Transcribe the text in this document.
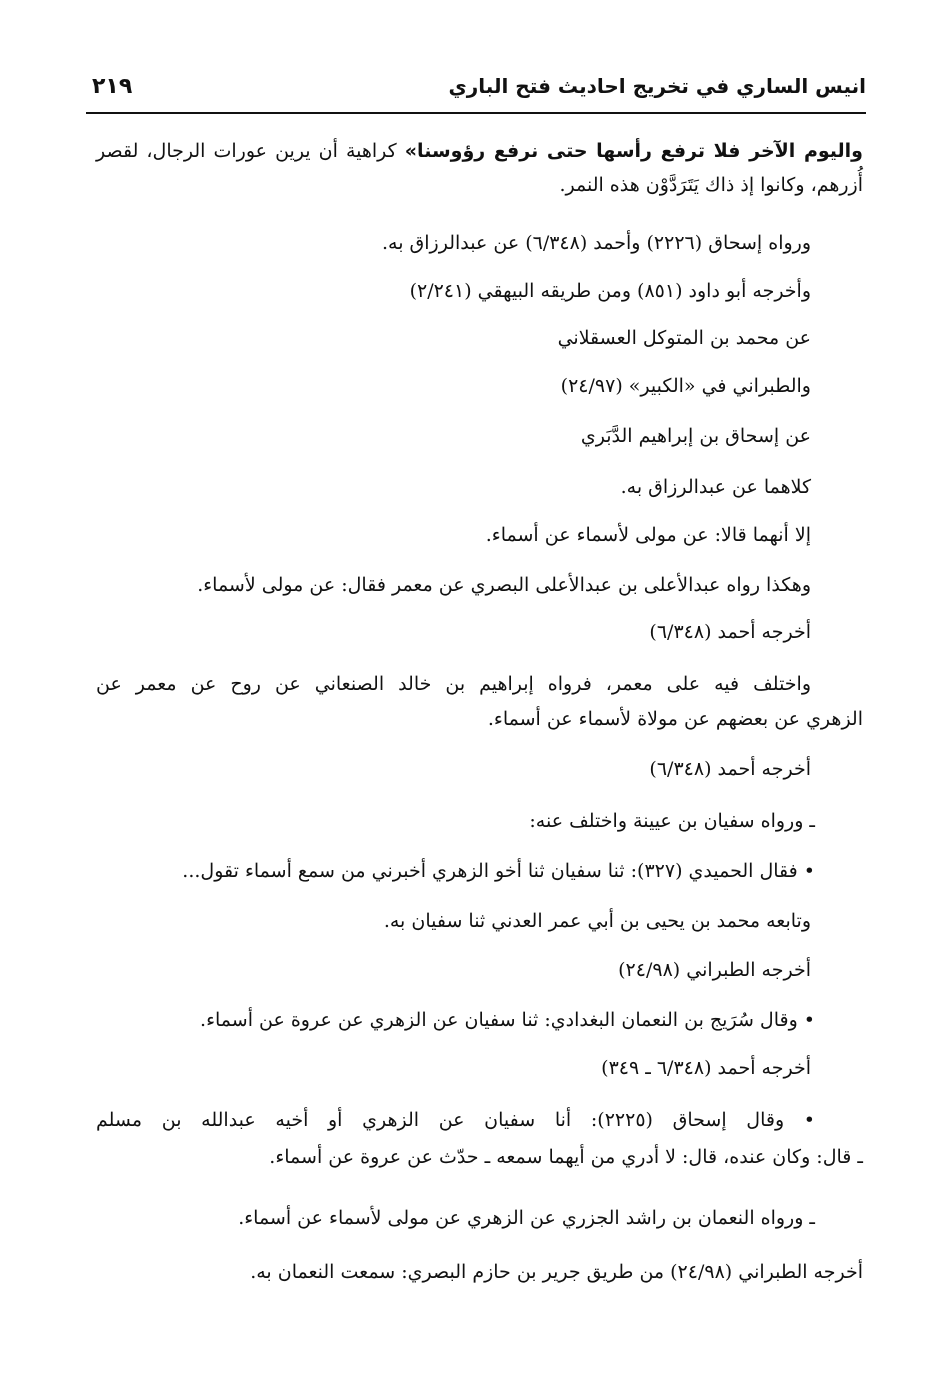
انيس الساري في تخريج احاديث فتح الباري
٢١٩
واليوم الآخر فلا ترفع رأسها حتى نرفع رؤوسنا» كراهية أن يرين عورات الرجال، لقصر
أُزرهم، وكانوا إذ ذاك يَتَرَدَّوْن هذه النمر.
ورواه إسحاق (٢٢٢٦) وأحمد (٦/٣٤٨) عن عبدالرزاق به.
وأخرجه أبو داود (٨٥١) ومن طريقه البيهقي (٢/٢٤١)
عن محمد بن المتوكل العسقلاني
والطبراني في «الكبير» (٢٤/٩٧)
عن إسحاق بن إبراهيم الدَّبَري
كلاهما عن عبدالرزاق به.
إلا أنهما قالا: عن مولى لأسماء عن أسماء.
وهكذا رواه عبدالأعلى بن عبدالأعلى البصري عن معمر فقال: عن مولى لأسماء.
أخرجه أحمد (٦/٣٤٨)
واختلف فيه على معمر، فرواه إبراهيم بن خالد الصنعاني عن روح عن معمر عن
الزهري عن بعضهم عن مولاة لأسماء عن أسماء.
أخرجه أحمد (٦/٣٤٨)
ـ ورواه سفيان بن عيينة واختلف عنه:
• فقال الحميدي (٣٢٧): ثنا سفيان ثنا أخو الزهري أخبرني من سمع أسماء تقول...
وتابعه محمد بن يحيى بن أبي عمر العدني ثنا سفيان به.
أخرجه الطبراني (٢٤/٩٨)
• وقال سُرَيج بن النعمان البغدادي: ثنا سفيان عن الزهري عن عروة عن أسماء.
أخرجه أحمد (٦/٣٤٨ ـ ٣٤٩)
• وقال إسحاق (٢٢٢٥): أنا سفيان عن الزهري أو أخيه عبدالله بن مسلم
ـ قال: وكان عنده، قال: لا أدري من أيهما سمعه ـ حدّث عن عروة عن أسماء.
ـ ورواه النعمان بن راشد الجزري عن الزهري عن مولى لأسماء عن أسماء.
أخرجه الطبراني (٢٤/٩٨) من طريق جرير بن حازم البصري: سمعت النعمان به.
